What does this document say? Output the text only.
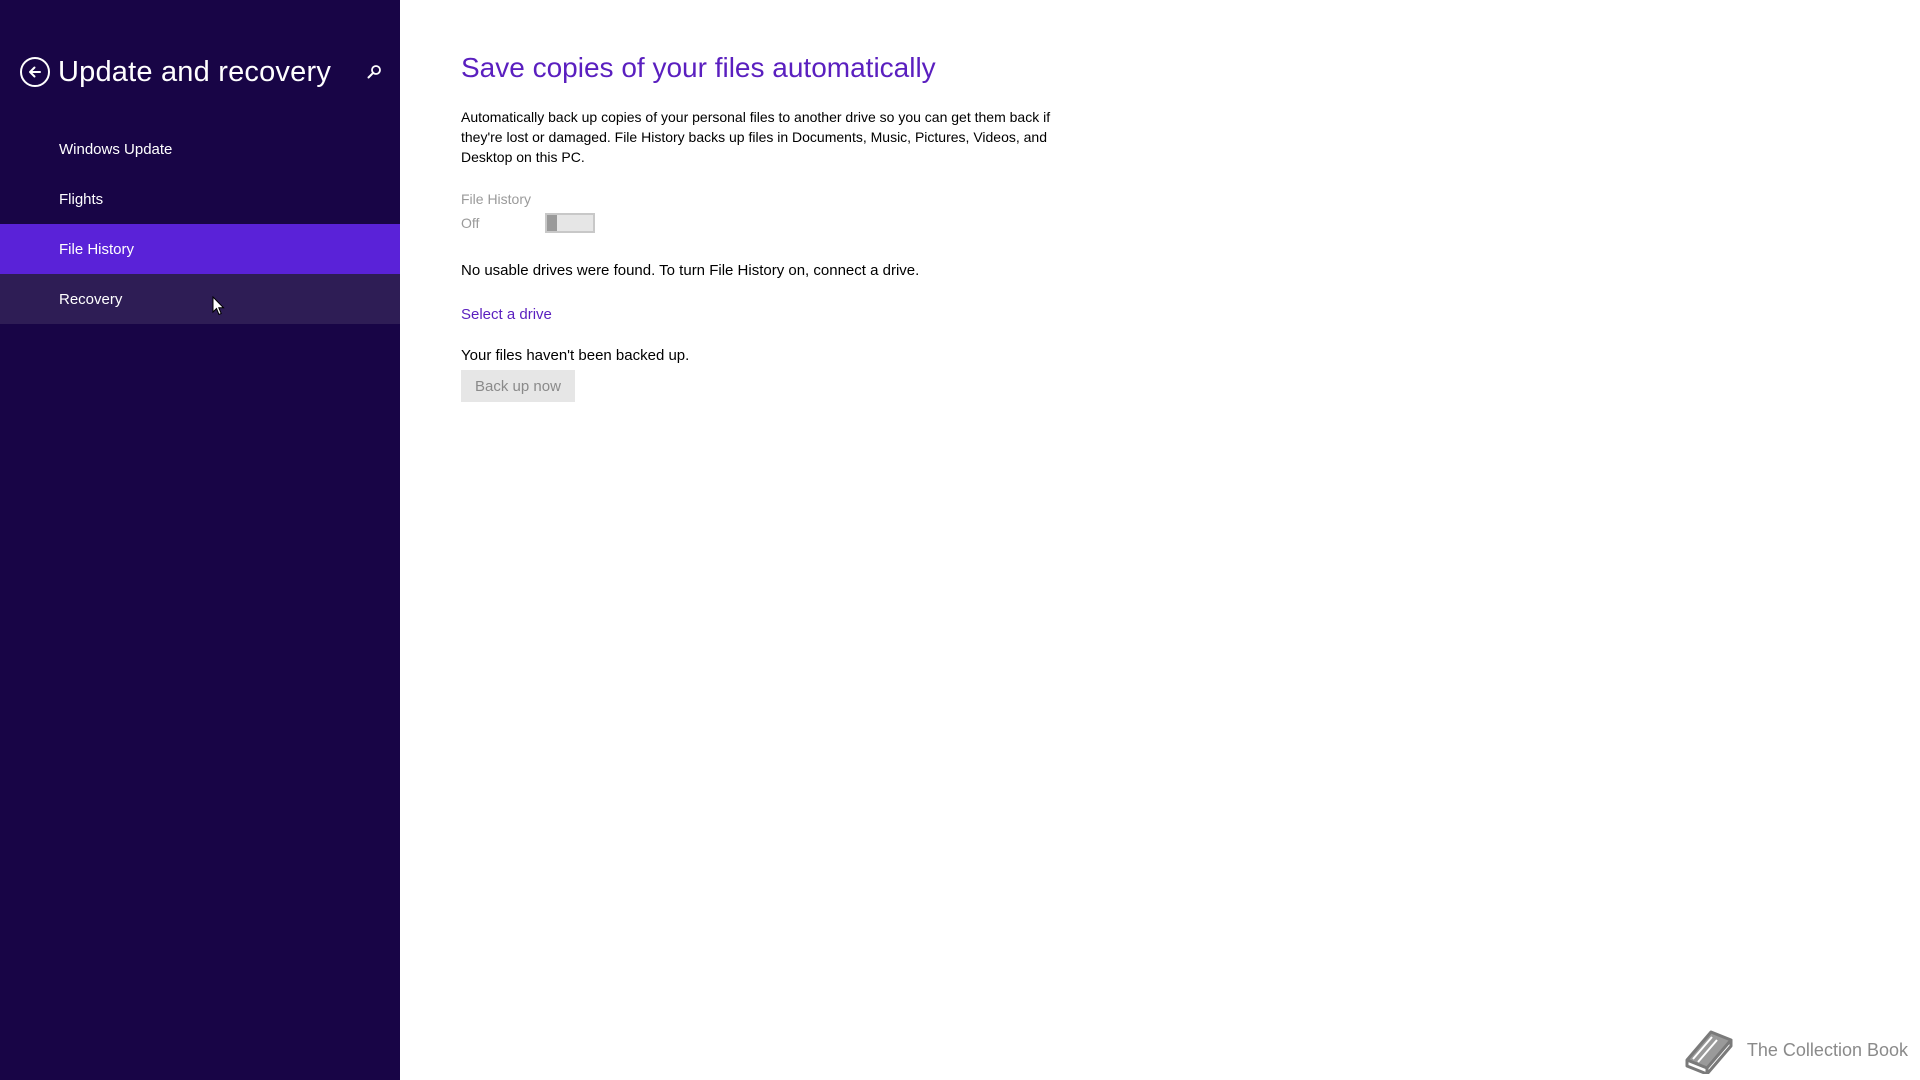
Update and recovery
Windows Update
Flights
File History
Recovery
Save copies of your files automatically
Automatically back up copies of your personal files to another drive so you can get them back if they're lost or damaged. File History backs up files in Documents, Music, Pictures, Videos, and Desktop on this PC.
File History
Off
No usable drives were found. To turn File History on, connect a drive.
Select a drive
Your files haven't been backed up.
Back up now
The Collection Book
